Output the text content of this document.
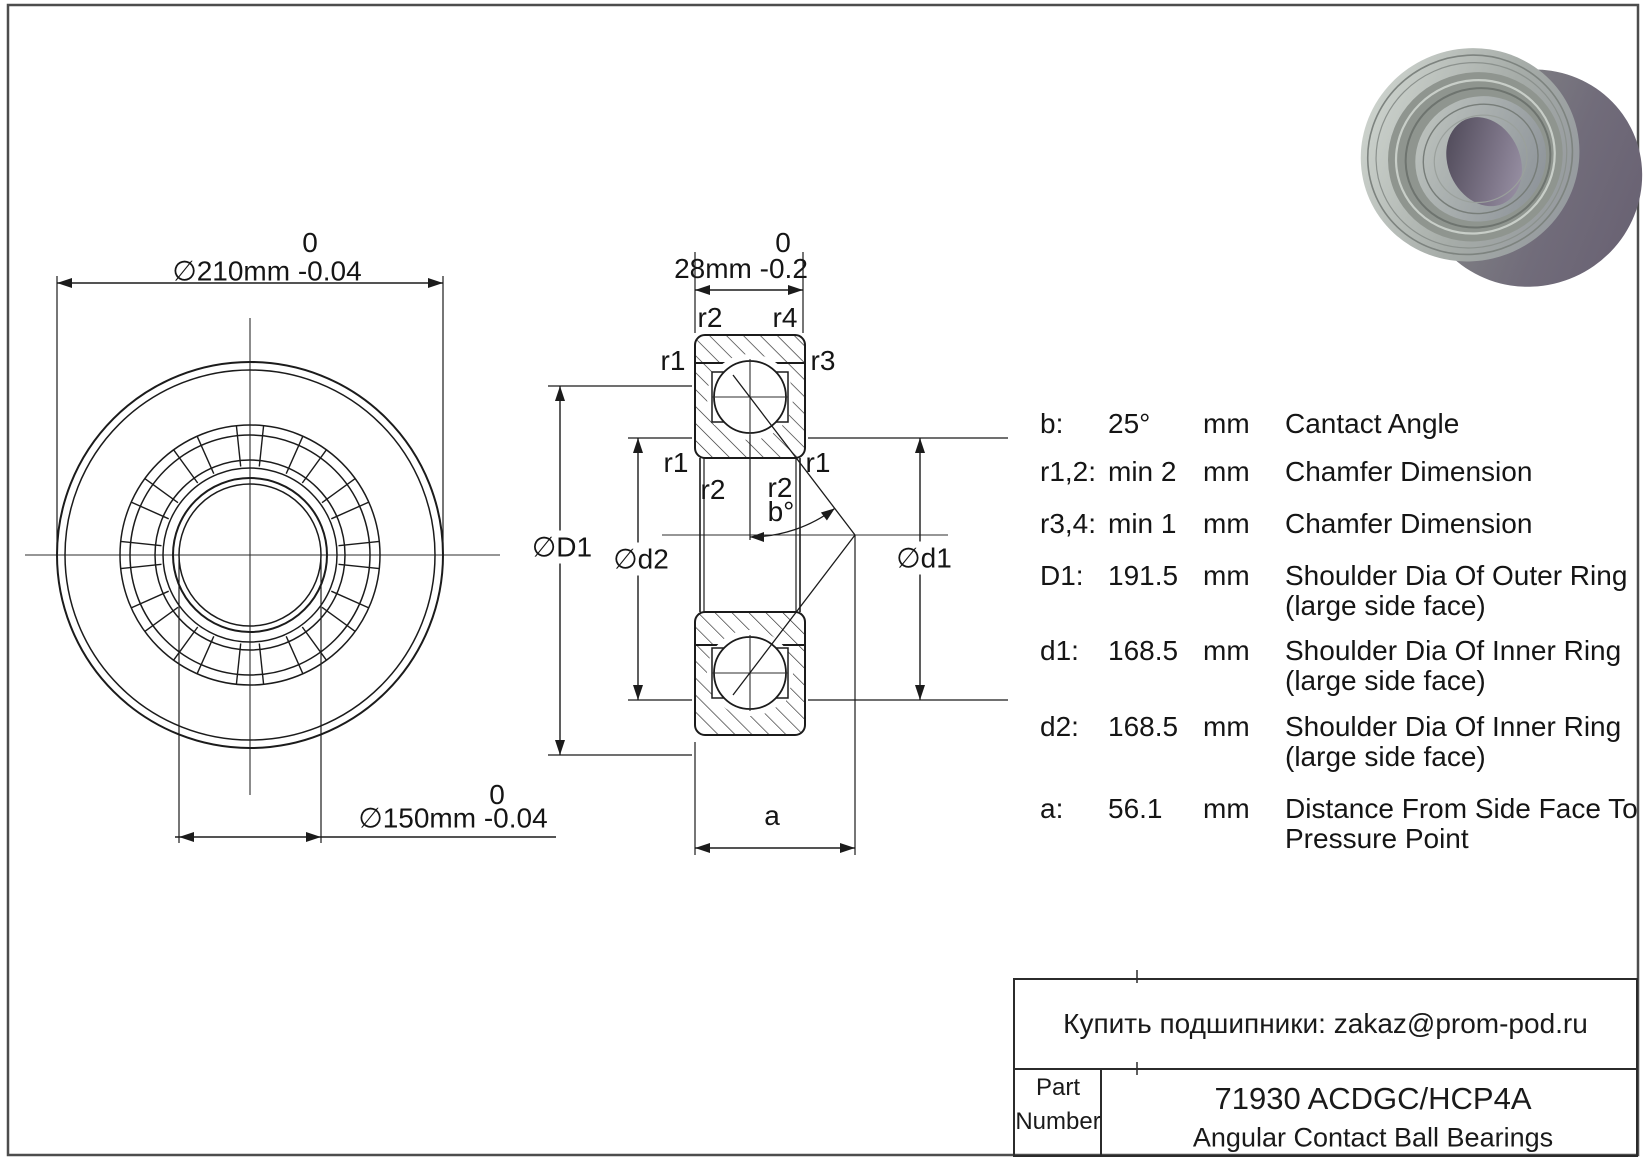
0
∅210mm -0.04
0
∅150mm -0.04
0
28mm -0.2
r2 r4
r1	r3
r1	r1
r2 r2
b°
∅D1 ∅d2	∅d1
a
b: 25° mm Cantact Angle
r1,2: min 2 mm Chamfer Dimension
r3,4: min 1 mm Chamfer Dimension
D1: 191.5 mm Shoulder Dia Of Outer Ring (large side face)
d1: 168.5 mm Shoulder Dia Of Inner Ring (large side face)
d2: 168.5 mm Shoulder Dia Of Inner Ring (large side face)
a: 56.1 mm Distance From Side Face To Pressure Point
Купить подшипники: zakaz@prom-pod.ru
Part
Number
71930 ACDGC/HCP4A
Angular Contact Ball Bearings
